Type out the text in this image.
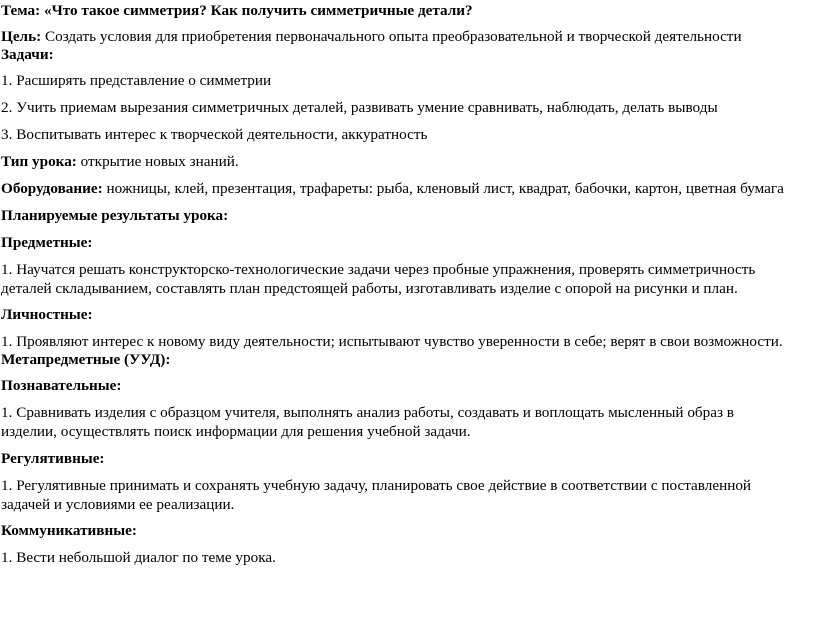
Тема: «Что такое симметрия? Как получить симметричные детали?

Цель: Создать условия для приобретения первоначального опыта преобразовательной и творческой деятельности

Задачи:

1. Расширять представление о симметрии

2. Учить приемам вырезания симметричных деталей, развивать умение сравнивать, наблюдать, делать выводы

3. Воспитывать интерес к творческой деятельности, аккуратность

Тип урока: открытие новых знаний.

Оборудование: ножницы, клей, презентация, трафареты: рыба, кленовый лист, квадрат, бабочки, картон, цветная бумага

Планируемые результаты урока:

Предметные:

1. Научатся решать конструкторско-технологические задачи через пробные упражнения, проверять симметричность

деталей складыванием, составлять план предстоящей работы, изготавливать изделие с опорой на рисунки и план.

Личностные:

1. Проявляют интерес к новому виду деятельности; испытывают чувство уверенности в себе; верят в свои возможности.

Метапредметные (УУД):

Познавательные:

1. Сравнивать изделия с образцом учителя, выполнять анализ работы, создавать и воплощать мысленный образ в

изделии, осуществлять поиск информации для решения учебной задачи.

Регулятивные:

1. Регулятивные принимать и сохранять учебную задачу, планировать свое действие в соответствии с поставленной

задачей и условиями ее реализации.

Коммуникативные:

1. Вести небольшой диалог по теме урока.
